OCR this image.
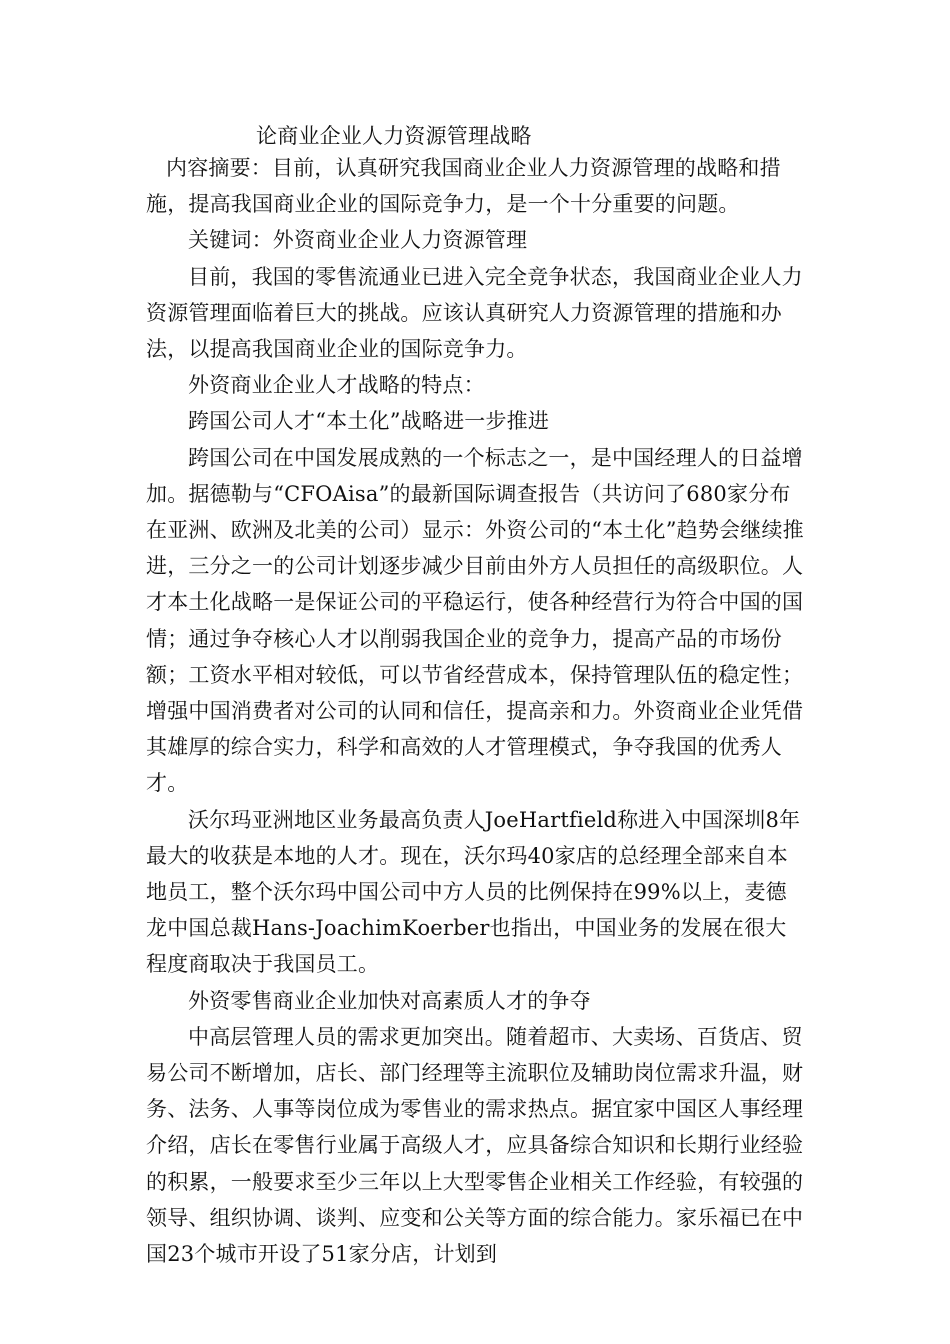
论商业企业人力资源管理战略

内容摘要：目前，认真研究我国商业企业人力资源管理的战略和措施，提高我国商业企业的国际竞争力，是一个十分重要的问题。

关键词：外资商业企业人力资源管理

目前，我国的零售流通业已进入完全竞争状态，我国商业企业人力资源管理面临着巨大的挑战。应该认真研究人力资源管理的措施和办法，以提高我国商业企业的国际竞争力。

外资商业企业人才战略的特点：

跨国公司人才“本土化”战略进一步推进

跨国公司在中国发展成熟的一个标志之一，是中国经理人的日益增加。据德勒与“CFOAisa”的最新国际调查报告（共访问了680家分布在亚洲、欧洲及北美的公司）显示：外资公司的“本土化”趋势会继续推进，三分之一的公司计划逐步减少目前由外方人员担任的高级职位。人才本土化战略一是保证公司的平稳运行，使各种经营行为符合中国的国情；通过争夺核心人才以削弱我国企业的竞争力，提高产品的市场份额；工资水平相对较低，可以节省经营成本，保持管理队伍的稳定性；增强中国消费者对公司的认同和信任，提高亲和力。外资商业企业凭借其雄厚的综合实力，科学和高效的人才管理模式，争夺我国的优秀人才。

沃尔玛亚洲地区业务最高负责人JoeHartfield称进入中国深圳8年最大的收获是本地的人才。现在，沃尔玛40家店的总经理全部来自本地员工，整个沃尔玛中国公司中方人员的比例保持在99%以上，麦德龙中国总裁Hans-JoachimKoerber也指出，中国业务的发展在很大程度商取决于我国员工。

外资零售商业企业加快对高素质人才的争夺

中高层管理人员的需求更加突出。随着超市、大卖场、百货店、贸易公司不断增加，店长、部门经理等主流职位及辅助岗位需求升温，财务、法务、人事等岗位成为零售业的需求热点。据宜家中国区人事经理介绍，店长在零售行业属于高级人才，应具备综合知识和长期行业经验的积累，一般要求至少三年以上大型零售企业相关工作经验，有较强的领导、组织协调、谈判、应变和公关等方面的综合能力。家乐福已在中国23个城市开设了51家分店，计划到
